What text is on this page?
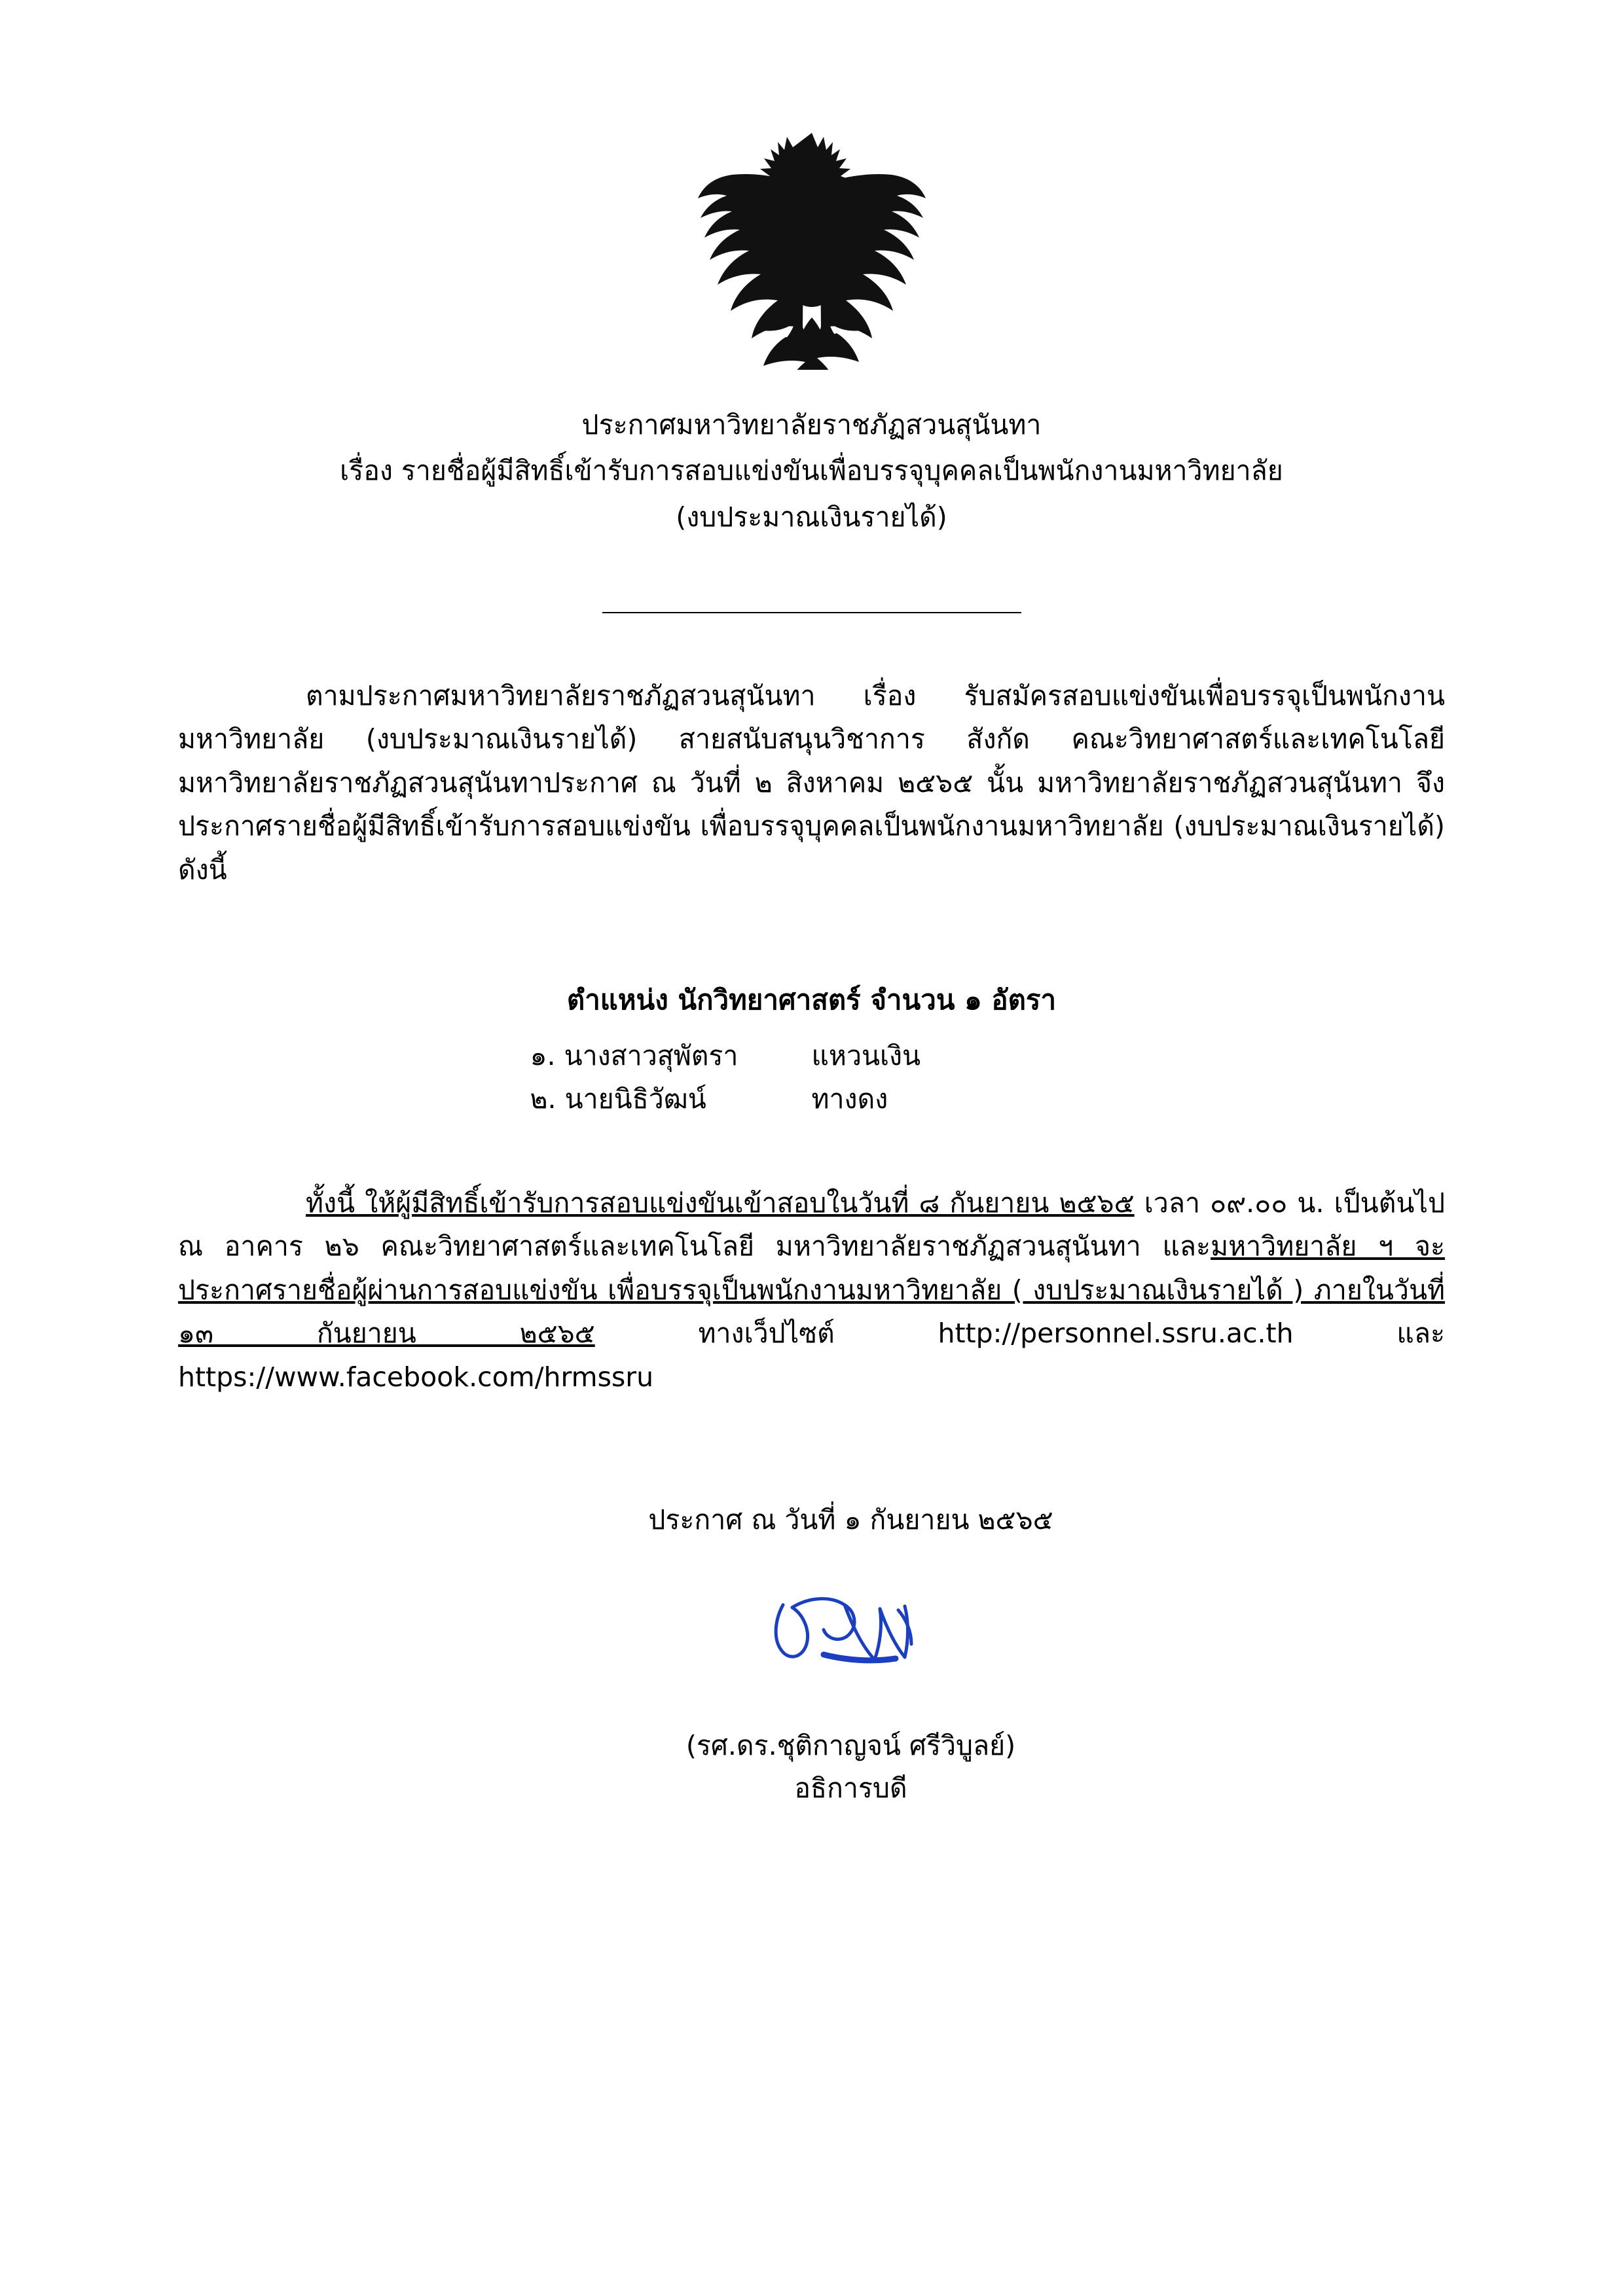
ประกาศมหาวิทยาลัยราชภัฏสวนสุนันทา
เรื่อง รายชื่อผู้มีสิทธิ์เข้ารับการสอบแข่งขันเพื่อบรรจุบุคคลเป็นพนักงานมหาวิทยาลัย
(งบประมาณเงินรายได้)
ตามประกาศมหาวิทยาลัยราชภัฏสวนสุนันทา เรื่อง รับสมัครสอบแข่งขันเพื่อบรรจุเป็นพนักงานมหาวิทยาลัย (งบประมาณเงินรายได้) สายสนับสนุนวิชาการ สังกัด คณะวิทยาศาสตร์และเทคโนโลยี มหาวิทยาลัยราชภัฏสวนสุนันทาประกาศ ณ วันที่ ๒ สิงหาคม ๒๕๖๕ นั้น มหาวิทยาลัยราชภัฏสวนสุนันทา จึงประกาศรายชื่อผู้มีสิทธิ์เข้ารับการสอบแข่งขัน เพื่อบรรจุบุคคลเป็นพนักงานมหาวิทยาลัย (งบประมาณเงินรายได้) ดังนี้
ตำแหน่ง นักวิทยาศาสตร์ จำนวน ๑ อัตรา
๑. นางสาวสุพัตรา	แหวนเงิน
๒. นายนิธิวัฒน์	ทางดง
ทั้งนี้ ให้ผู้มีสิทธิ์เข้ารับการสอบแข่งขันเข้าสอบในวันที่ ๘ กันยายน ๒๕๖๕ เวลา ๐๙.๐๐ น. เป็นต้นไป ณ อาคาร ๒๖ คณะวิทยาศาสตร์และเทคโนโลยี มหาวิทยาลัยราชภัฏสวนสุนันทา และมหาวิทยาลัย ฯ จะประกาศรายชื่อผู้ผ่านการสอบแข่งขัน เพื่อบรรจุเป็นพนักงานมหาวิทยาลัย ( งบประมาณเงินรายได้ ) ภายในวันที่ ๑๓ กันยายน ๒๕๖๕ ทางเว็ปไซต์ http://personnel.ssru.ac.th และ https://www.facebook.com/hrmssru
ประกาศ ณ วันที่ ๑ กันยายน ๒๕๖๕
(รศ.ดร.ชุติกาญจน์ ศรีวิบูลย์)
อธิการบดี
